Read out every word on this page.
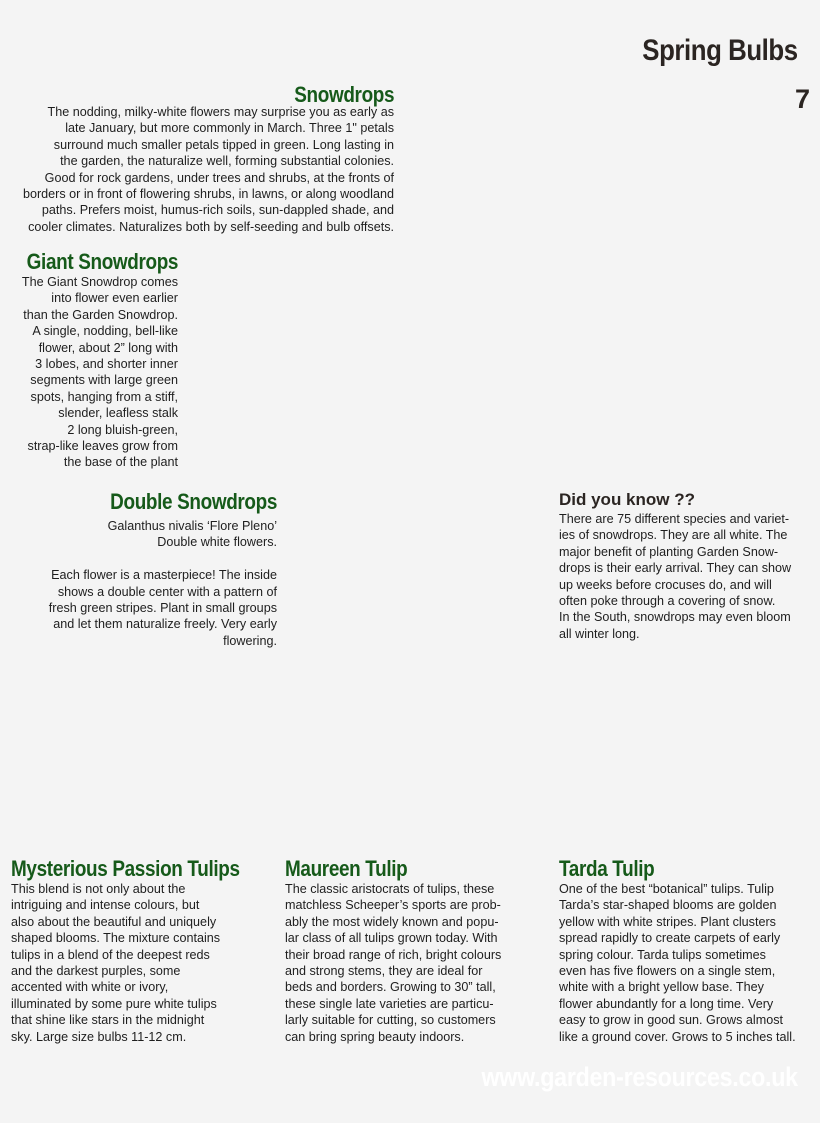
Spring Bulbs
7
Snowdrops
The nodding, milky-white flowers may surprise you as early as
late January, but more commonly in March. Three 1" petals
surround much smaller petals tipped in green. Long lasting in
the garden, the naturalize well, forming substantial colonies.
Good for rock gardens, under trees and shrubs, at the fronts of
borders or in front of flowering shrubs, in lawns, or along woodland
paths. Prefers moist, humus-rich soils, sun-dappled shade, and
cooler climates. Naturalizes both by self-seeding and bulb offsets.
Giant Snowdrops
The Giant Snowdrop comes
into flower even earlier
than the Garden Snowdrop.
A single, nodding, bell-like
flower, about 2” long with
3 lobes, and shorter inner
segments with large green
spots, hanging from a stiff,
slender, leafless stalk
2 long bluish-green,
strap-like leaves grow from
the base of the plant
Double Snowdrops
Galanthus nivalis ‘Flore Pleno’
Double white flowers.
Each flower is a masterpiece! The inside
shows a double center with a pattern of
fresh green stripes. Plant in small groups
and let them naturalize freely. Very early
flowering.
Did you know ??
There are 75 different species and variet-
ies of snowdrops. They are all white. The
major benefit of planting Garden Snow-
drops is their early arrival. They can show
up weeks before crocuses do, and will
often poke through a covering of snow.
In the South, snowdrops may even bloom
all winter long.
Mysterious Passion Tulips
This blend is not only about the
intriguing and intense colours, but
also about the beautiful and uniquely
shaped blooms. The mixture contains
tulips in a blend of the deepest reds
and the darkest purples, some
accented with white or ivory,
illuminated by some pure white tulips
that shine like stars in the midnight
sky. Large size bulbs 11-12 cm.
Maureen Tulip
The classic aristocrats of tulips, these
matchless Scheeper’s sports are prob-
ably the most widely known and popu-
lar class of all tulips grown today. With
their broad range of rich, bright colours
and strong stems, they are ideal for
beds and borders. Growing to 30” tall,
these single late varieties are particu-
larly suitable for cutting, so customers
can bring spring beauty indoors.
Tarda Tulip
One of the best “botanical” tulips. Tulip
Tarda’s star-shaped blooms are golden
yellow with white stripes. Plant clusters
spread rapidly to create carpets of early
spring colour. Tarda tulips sometimes
even has five flowers on a single stem,
white with a bright yellow base. They
flower abundantly for a long time. Very
easy to grow in good sun. Grows almost
like a ground cover. Grows to 5 inches tall.
www.garden-resources.co.uk
